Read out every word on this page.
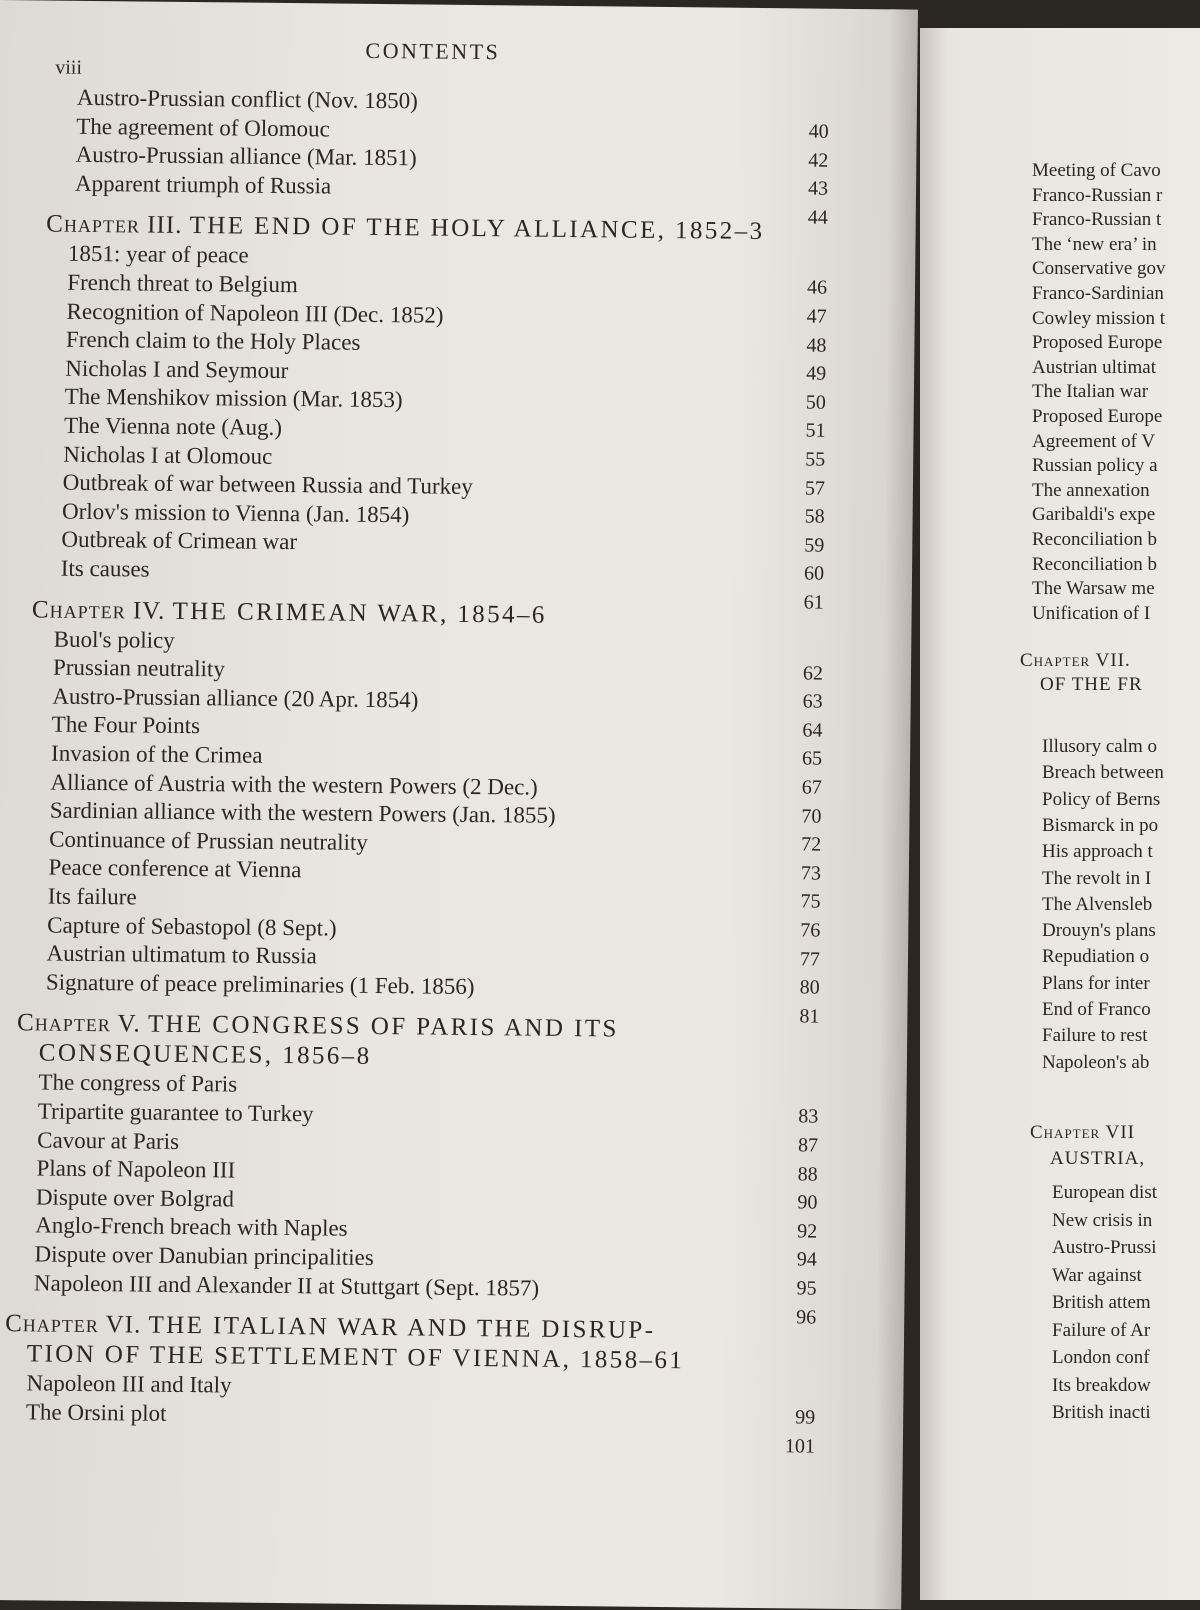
viii
CONTENTS
Austro-Prussian conflict (Nov. 1850)
40
The agreement of Olomouc
42
Austro-Prussian alliance (Mar. 1851)
43
Apparent triumph of Russia
44
Chapter III. THE END OF THE HOLY ALLIANCE, 1852–3
1851: year of peace
46
French threat to Belgium
47
Recognition of Napoleon III (Dec. 1852)
48
French claim to the Holy Places
49
Nicholas I and Seymour
50
The Menshikov mission (Mar. 1853)
51
The Vienna note (Aug.)
55
Nicholas I at Olomouc
57
Outbreak of war between Russia and Turkey
58
Orlov's mission to Vienna (Jan. 1854)
59
Outbreak of Crimean war
60
Its causes
61
Chapter IV. THE CRIMEAN WAR, 1854–6
Buol's policy
62
Prussian neutrality
63
Austro-Prussian alliance (20 Apr. 1854)
64
The Four Points
65
Invasion of the Crimea
67
Alliance of Austria with the western Powers (2 Dec.)
70
Sardinian alliance with the western Powers (Jan. 1855)
72
Continuance of Prussian neutrality
73
Peace conference at Vienna
75
Its failure
76
Capture of Sebastopol (8 Sept.)
77
Austrian ultimatum to Russia
80
Signature of peace preliminaries (1 Feb. 1856)
81
Chapter V. THE CONGRESS OF PARIS AND ITS
CONSEQUENCES, 1856–8
The congress of Paris
83
Tripartite guarantee to Turkey
87
Cavour at Paris
88
Plans of Napoleon III
90
Dispute over Bolgrad
92
Anglo-French breach with Naples
94
Dispute over Danubian principalities
95
Napoleon III and Alexander II at Stuttgart (Sept. 1857)
96
Chapter VI. THE ITALIAN WAR AND THE DISRUP-
TION OF THE SETTLEMENT OF VIENNA, 1858–61
Napoleon III and Italy
99
The Orsini plot
101
Meeting of Cavo
Franco-Russian r
Franco-Russian t
The ‘new era’ in
Conservative gov
Franco-Sardinian
Cowley mission t
Proposed Europe
Austrian ultimat
The Italian war
Proposed Europe
Agreement of V
Russian policy a
The annexation
Garibaldi's expe
Reconciliation b
Reconciliation b
The Warsaw me
Unification of I
Chapter VII.
OF THE FR
Illusory calm o
Breach between
Policy of Berns
Bismarck in po
His approach t
The revolt in I
The Alvensleb
Drouyn's plans
Repudiation o
Plans for inter
End of Franco
Failure to rest
Napoleon's ab
Chapter VII
AUSTRIA,
European dist
New crisis in
Austro-Prussi
War against
British attem
Failure of Ar
London conf
Its breakdow
British inacti
